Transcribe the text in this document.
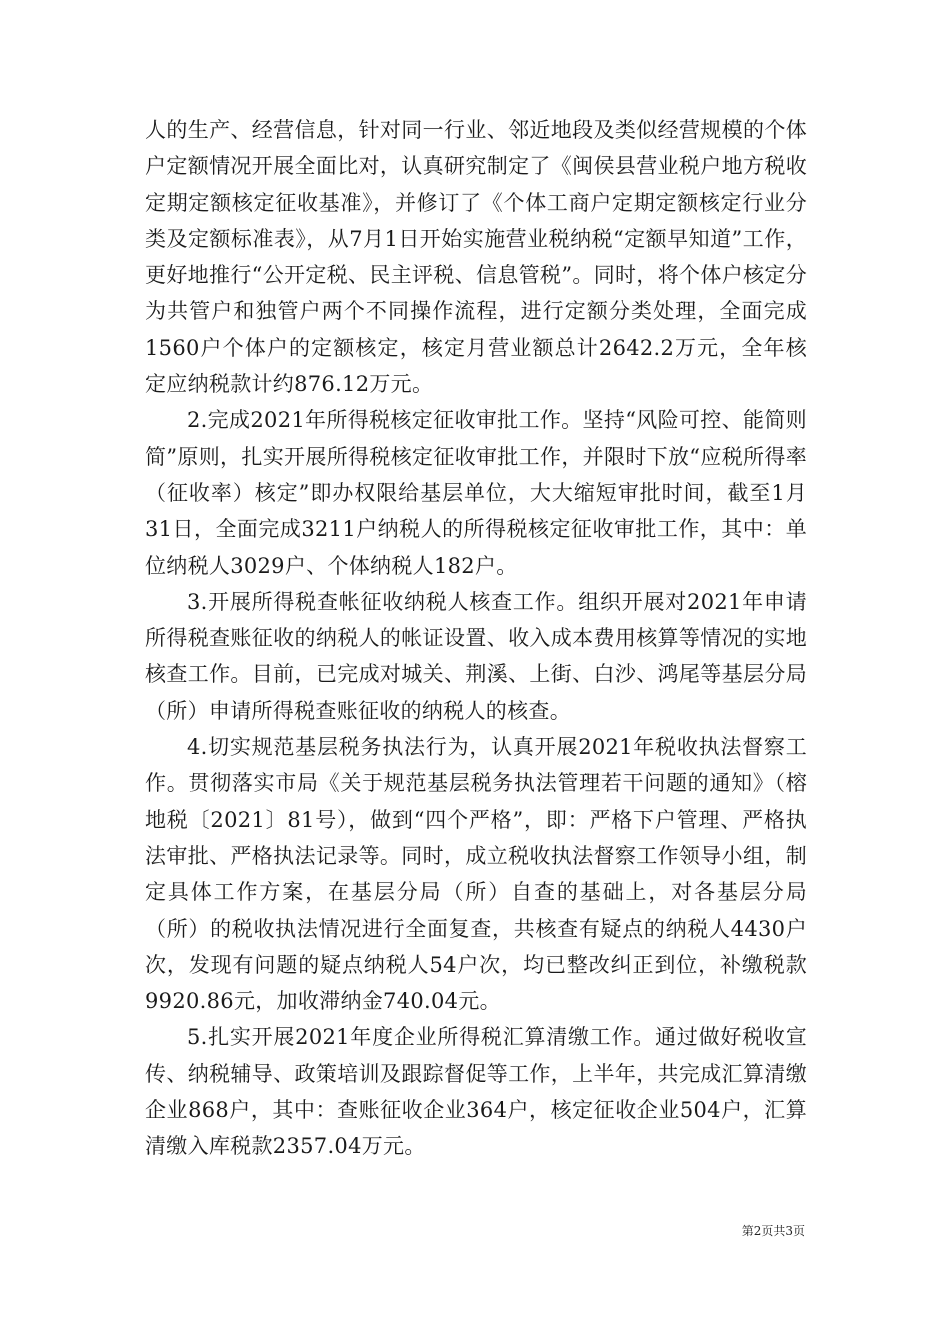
人的生产、经营信息，针对同一行业、邻近地段及类似经营规模的个体户定额情况开展全面比对，认真研究制定了《闽侯县营业税户地方税收定期定额核定征收基准》，并修订了《个体工商户定期定额核定行业分类及定额标准表》，从7月1日开始实施营业税纳税“定额早知道”工作，更好地推行“公开定税、民主评税、信息管税”。同时，将个体户核定分为共管户和独管户两个不同操作流程，进行定额分类处理，全面完成1560户个体户的定额核定，核定月营业额总计2642.2万元，全年核定应纳税款计约876.12万元。

2.完成2021年所得税核定征收审批工作。坚持“风险可控、能简则简”原则，扎实开展所得税核定征收审批工作，并限时下放“应税所得率（征收率）核定”即办权限给基层单位，大大缩短审批时间，截至1月31日，全面完成3211户纳税人的所得税核定征收审批工作，其中：单位纳税人3029户、个体纳税人182户。

3.开展所得税查帐征收纳税人核查工作。组织开展对2021年申请所得税查账征收的纳税人的帐证设置、收入成本费用核算等情况的实地核查工作。目前，已完成对城关、荆溪、上街、白沙、鸿尾等基层分局（所）申请所得税查账征收的纳税人的核查。

4.切实规范基层税务执法行为，认真开展2021年税收执法督察工作。贯彻落实市局《关于规范基层税务执法管理若干问题的通知》（榕地税〔2021〕81号），做到“四个严格”，即：严格下户管理、严格执法审批、严格执法记录等。同时，成立税收执法督察工作领导小组，制定具体工作方案，在基层分局（所）自查的基础上，对各基层分局（所）的税收执法情况进行全面复查，共核查有疑点的纳税人4430户次，发现有问题的疑点纳税人54户次，均已整改纠正到位，补缴税款9920.86元，加收滞纳金740.04元。

5.扎实开展2021年度企业所得税汇算清缴工作。通过做好税收宣传、纳税辅导、政策培训及跟踪督促等工作，上半年，共完成汇算清缴企业868户，其中：查账征收企业364户，核定征收企业504户，汇算清缴入库税款2357.04万元。

第2页共3页
